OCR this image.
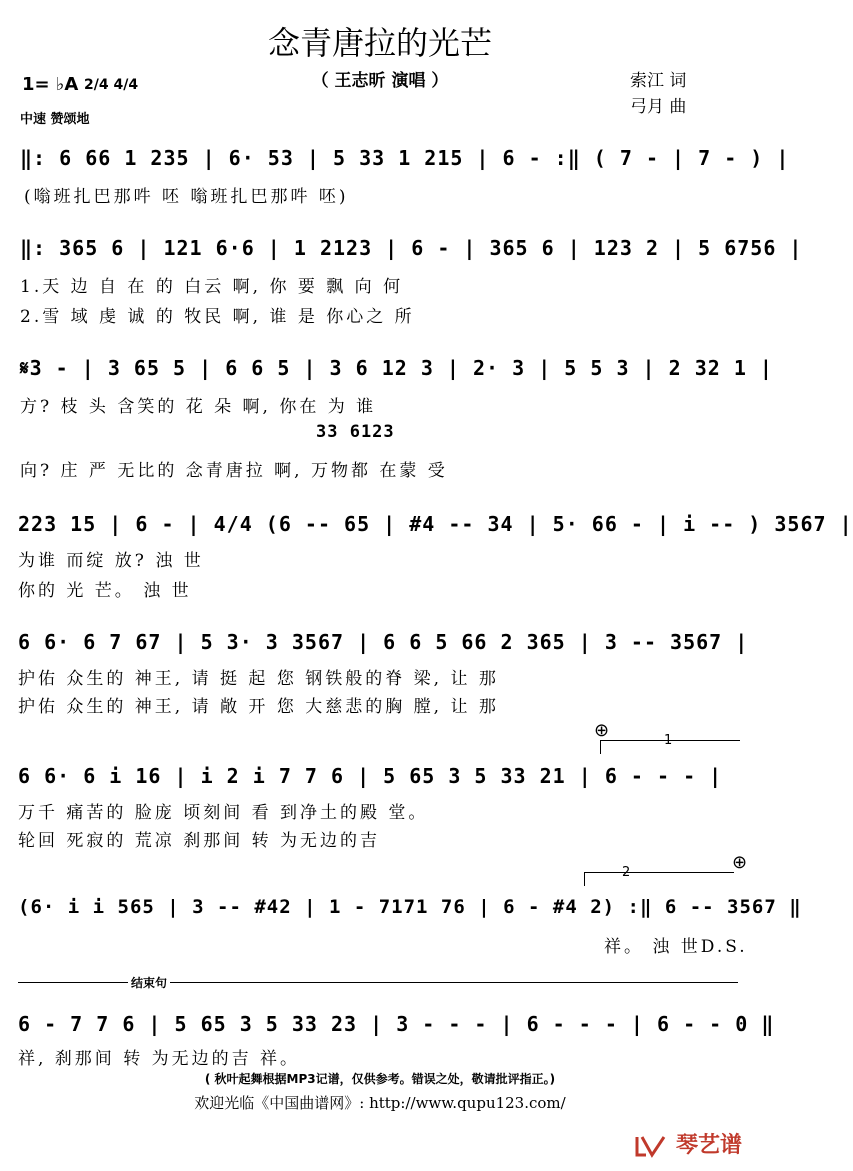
念青唐拉的光芒
（ 王志昕 演唱 ）	索江 词
弓月 曲
1= ♭A 2/4 4/4
中速 赞颂地
‖: 6 66 1 235 | 6· 53 | 5 33 1 215 | 6 - :‖ ( 7 - | 7 - ) |
(嗡班扎巴那吽 呸 嗡班扎巴那吽 呸)
‖: 365 6 | 121 6·6 | 1 2123 | 6 - | 365 6 | 123 2 | 5 6756 |
1.天 边 自 在 的 白云 啊, 你 要 飘 向 何
2.雪 域 虔 诚 的 牧民 啊, 谁 是 你心之 所
𝄋3 - | 3 65 5 | 6 6 5 | 3 6 12 3 | 2· 3 | 5 5 3 | 2 32 1 |
方? 枝 头 含笑的 花 朵 啊, 你在 为 谁
33 6123
向? 庄 严 无比的 念青唐拉 啊, 万物都 在蒙 受
223 15 | 6 - | 4/4 (6 -- 65 | #4 -- 34 | 5· 66 - | i -- ) 3567 |
为谁 而绽 放? 浊 世
你的 光 芒。 浊 世
6 6· 6 7 67 | 5 3· 3 3567 | 6 6 5 66 2 365 | 3 -- 3567 |
护佑 众生的 神王, 请 挺 起 您 钢铁般的脊 梁, 让 那
护佑 众生的 神王, 请 敞 开 您 大慈悲的胸 膛, 让 那
1
⊕
6 6· 6 i 16 | i 2 i 7 7 6 | 5 65 3 5 33 21 | 6 - - - |
万千 痛苦的 脸庞 顷刻间 看 到净土的殿 堂。
轮回 死寂的 荒凉 刹那间 转 为无边的吉
2	⊕
(6· i i 565 | 3 -- #42 | 1 - 7171 76 | 6 - #4 2) :‖ 6 -- 3567 ‖
祥。 浊 世D.S.
结束句
6 - 7 7 6 | 5 65 3 5 33 23 | 3 - - - | 6 - - - | 6 - - 0 ‖
祥, 刹那间 转 为无边的吉 祥。
( 秋叶起舞根据MP3记谱，仅供参考。错误之处，敬请批评指正。)
欢迎光临《中国曲谱网》: http://www.qupu123.com/
琴艺谱
